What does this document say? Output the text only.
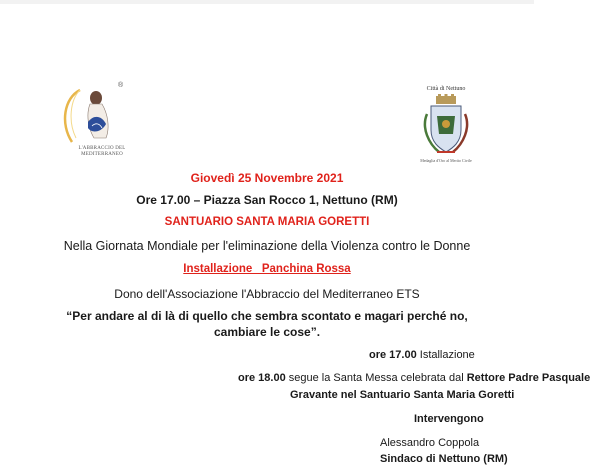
®
L'ABBRACCIO DEL MEDITERRANEO
Città di Nettuno
Medaglia d'Oro al Merito Civile
Giovedì 25 Novembre 2021
Ore 17.00 – Piazza San Rocco 1, Nettuno (RM)
SANTUARIO SANTA MARIA GORETTI
Nella Giornata Mondiale per l'eliminazione della Violenza contro le Donne
Installazione   Panchina Rossa
Dono dell'Associazione l'Abbraccio del Mediterraneo ETS
“Per andare al di là di quello che sembra scontato e magari perché no,
cambiare le cose”.
ore 17.00 Istallazione
ore 18.00 segue la Santa Messa celebrata dal Rettore Padre Pasquale
Gravante nel Santuario Santa Maria Goretti
Intervengono
Alessandro Coppola
Sindaco di Nettuno (RM)
